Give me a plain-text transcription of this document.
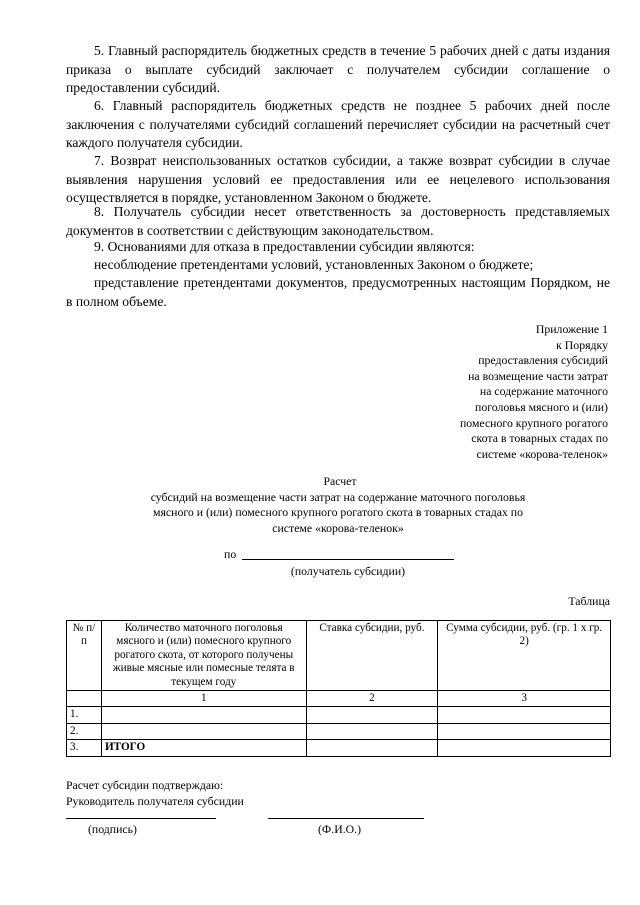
5. Главный распорядитель бюджетных средств в течение 5 рабочих дней с даты издания приказа о выплате субсидий заключает с получателем субсидии соглашение о предоставлении субсидий.

6. Главный распорядитель бюджетных средств не позднее 5 рабочих дней после заключения с получателями субсидий соглашений перечисляет субсидии на расчетный счет каждого получателя субсидии.

7. Возврат неиспользованных остатков субсидии, а также возврат субсидии в случае выявления нарушения условий ее предоставления или ее нецелевого использования осуществляется в порядке, установленном Законом о бюджете.

8. Получатель субсидии несет ответственность за достоверность представляемых документов в соответствии с действующим законодательством.

9. Основаниями для отказа в предоставлении субсидии являются:

несоблюдение претендентами условий, установленных Законом о бюджете;

представление претендентами документов, предусмотренных настоящим Порядком, не в полном объеме.

Приложение 1
к Порядку
предоставления субсидий
на возмещение части затрат
на содержание маточного
поголовья мясного и (или)
помесного крупного рогатого
скота в товарных стадах по
системе «корова-теленок»
Расчет
субсидий на возмещение части затрат на содержание маточного поголовья
мясного и (или) помесного крупного рогатого скота в товарных стадах по
системе «корова-теленок»
по
(получатель субсидии)
Таблица
№ п/п	Количество маточного поголовья мясного и (или) помесного крупного рогатого скота, от которого получены живые мясные или помесные телята в текущем году	Ставка субсидии, руб.	Сумма субсидии, руб. (гр. 1 х гр. 2)
	1	2	3
1.			
2.			
3.	ИТОГО		
Расчет субсидии подтверждаю:
Руководитель получателя субсидии
(подпись)	(Ф.И.О.)
